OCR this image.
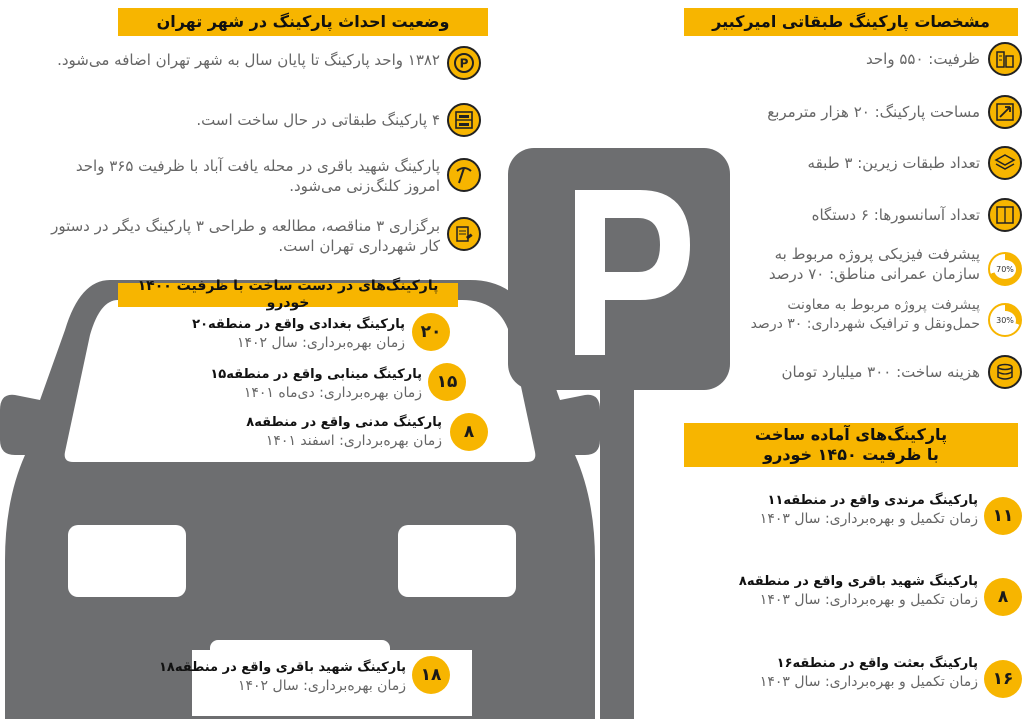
وضعیت احداث پارکینگ در شهر تهران
P
۱۳۸۲ واحد پارکینگ تا پایان سال به شهر تهران اضافه می‌شود.
۴ پارکینگ طبقاتی در حال ساخت است.
پارکینگ شهید باقری در محله یافت آباد با ظرفیت ۳۶۵ واحد امروز کلنگ‌زنی می‌شود.
برگزاری ۳ مناقصه، مطالعه و طراحی ۳ پارکینگ دیگر در دستور کار شهرداری تهران است.
پارکینگ‌های در دست ساخت با ظرفیت ۱۴۰۰ خودرو
۲۰
پارکینگ بغدادی واقع در منطقه۲۰
زمان بهره‌برداری: سال ۱۴۰۲
۱۵
پارکینگ مینابی واقع در منطقه۱۵
زمان بهره‌برداری: دی‌ماه ۱۴۰۱
۸
پارکینگ مدنی واقع در منطقه۸
زمان بهره‌برداری: اسفند ۱۴۰۱
۱۸
پارکینگ شهید باقری واقع در منطقه۱۸
زمان بهره‌برداری: سال ۱۴۰۲
مشخصات پارکینگ طبقاتی امیرکبیر
ظرفیت: ۵۵۰ واحد
مساحت پارکینگ: ۲۰ هزار مترمربع
تعداد طبقات زیرین: ۳ طبقه
تعداد آسانسورها: ۶ دستگاه
70%
پیشرفت فیزیکی پروژه مربوط به سازمان عمرانی مناطق: ۷۰ درصد
30%
پیشرفت پروژه مربوط به معاونت حمل‌ونقل و ترافیک شهرداری: ۳۰ درصد
هزینه ساخت: ۳۰۰ میلیارد تومان
پارکینگ‌های آماده ساخت
با ظرفیت ۱۴۵۰ خودرو
۱۱
پارکینگ مرندی واقع در منطقه۱۱
زمان تکمیل و بهره‌برداری: سال ۱۴۰۳
۸
پارکینگ شهید باقری واقع در منطقه۸
زمان تکمیل و بهره‌برداری: سال ۱۴۰۳
۱۶
پارکینگ بعثت واقع در منطقه۱۶
زمان تکمیل و بهره‌برداری: سال ۱۴۰۳
